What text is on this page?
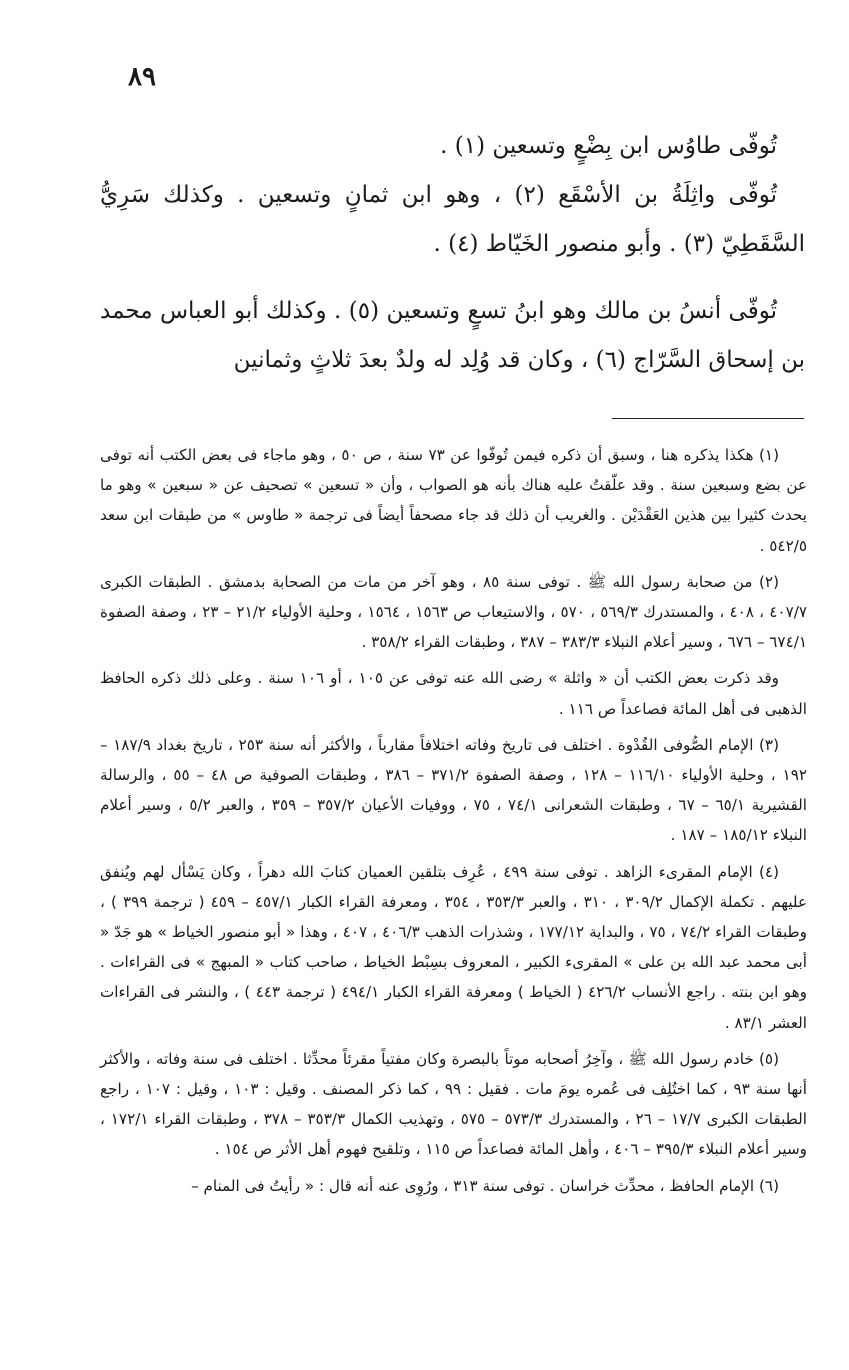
٨٩

تُوفّى طاوُس ابن بِضْعٍ وتسعين (١) .

تُوفّى واثِلَةُ بن الأسْقَع (٢) ، وهو ابن ثمانٍ وتسعين . وكذلك سَرِيُّ السَّقَطِيّ (٣) . وأبو منصور الخَيّاط (٤) .

تُوفّى أنسُ بن مالك وهو ابنُ تسعٍ وتسعين (٥) . وكذلك أبو العباس محمد بن إسحاق السَّرّاج (٦) ، وكان قد وُلِد له ولدٌ بعدَ ثلاثٍ وثمانين

(١) هكذا يذكره هنا ، وسبق أن ذكره فيمن تُوفّوا عن ٧٣ سنة ، ص ٥٠ ، وهو ماجاء فى بعض الكتب أنه توفى عن بضع وسبعين سنة . وقد علّقتُ عليه هناك بأنه هو الصواب ، وأن « تسعين » تصحيف عن « سبعين » وهو ما يحدث كثيرا بين هذين العَقْدَيْن . والغريب أن ذلك قد جاء مصحفاً أيضاً فى ترجمة « طاوس » من طبقات ابن سعد ٥٤٢/٥ .

(٢) من صحابة رسول الله ﷺ . توفى سنة ٨٥ ، وهو آخر من مات من الصحابة بدمشق . الطبقات الكبرى ٤٠٧/٧ ، ٤٠٨ ، والمستدرك ٥٦٩/٣ ، ٥٧٠ ، والاستيعاب ص ١٥٦٣ ، ١٥٦٤ ، وحلية الأولياء ٢١/٢ – ٢٣ ، وصفة الصفوة ٦٧٤/١ – ٦٧٦ ، وسير أعلام النبلاء ٣٨٣/٣ – ٣٨٧ ، وطبقات القراء ٣٥٨/٢ .

وقد ذكرت بعض الكتب أن « واثلة » رضى الله عنه توفى عن ١٠٥ ، أو ١٠٦ سنة . وعلى ذلك ذكره الحافظ الذهبى فى أهل المائة فصاعداً ص ١١٦ .

(٣) الإمام الصُّوفى القُدْوة . اختلف فى تاريخ وفاته اختلافاً مقارباً ، والأكثر أنه سنة ٢٥٣ ، تاريخ بغداد ١٨٧/٩ – ١٩٢ ، وحلية الأولياء ١١٦/١٠ – ١٢٨ ، وصفة الصفوة ٣٧١/٢ – ٣٨٦ ، وطبقات الصوفية ص ٤٨ – ٥٥ ، والرسالة القشيرية ٦٥/١ – ٦٧ ، وطبقات الشعرانى ٧٤/١ ، ٧٥ ، ووفيات الأعيان ٣٥٧/٢ – ٣٥٩ ، والعبر ٥/٢ ، وسير أعلام النبلاء ١٨٥/١٢ – ١٨٧ .

(٤) الإمام المقرىء الزاهد . توفى سنة ٤٩٩ ، عُرِف بتلقين العميان كتابَ الله دهراً ، وكان يَسْأل لهم ويُنفق عليهم . تكملة الإكمال ٣٠٩/٢ ، ٣١٠ ، والعبر ٣٥٣/٣ ، ٣٥٤ ، ومعرفة القراء الكبار ٤٥٧/١ – ٤٥٩ ( ترجمة ٣٩٩ ) ، وطبقات القراء ٧٤/٢ ، ٧٥ ، والبداية ١٧٧/١٢ ، وشذرات الذهب ٤٠٦/٣ ، ٤٠٧ ، وهذا « أبو منصور الخياط » هو جَدّ « أبى محمد عبد الله بن على » المقرىء الكبير ، المعروف بسِبْط الخياط ، صاحب كتاب « المبهج » فى القراءات . وهو ابن بنته . راجع الأنساب ٤٢٦/٢ ( الخياط ) ومعرفة القراء الكبار ٤٩٤/١ ( ترجمة ٤٤٣ ) ، والنشر فى القراءات العشر ٨٣/١ .

(٥) خادم رسول الله ﷺ ، وآخِرُ أصحابه موتاً بالبصرة وكان مفتياً مقرئاً محدِّثا . اختلف فى سنة وفاته ، والأكثر أنها سنة ٩٣ ، كما اختُلِف فى عُمره يومَ مات . فقيل : ٩٩ ، كما ذكر المصنف . وقيل : ١٠٣ ، وقيل : ١٠٧ ، راجع الطبقات الكبرى ١٧/٧ – ٢٦ ، والمستدرك ٥٧٣/٣ – ٥٧٥ ، وتهذيب الكمال ٣٥٣/٣ – ٣٧٨ ، وطبقات القراء ١٧٢/١ ، وسير أعلام النبلاء ٣٩٥/٣ – ٤٠٦ ، وأهل المائة فصاعداً ص ١١٥ ، وتلقيح فهوم أهل الأثر ص ١٥٤ .

(٦) الإمام الحافظ ، محدِّث خراسان . توفى سنة ٣١٣ ، ورُوِى عنه أنه قال : « رأيتُ فى المنام –
